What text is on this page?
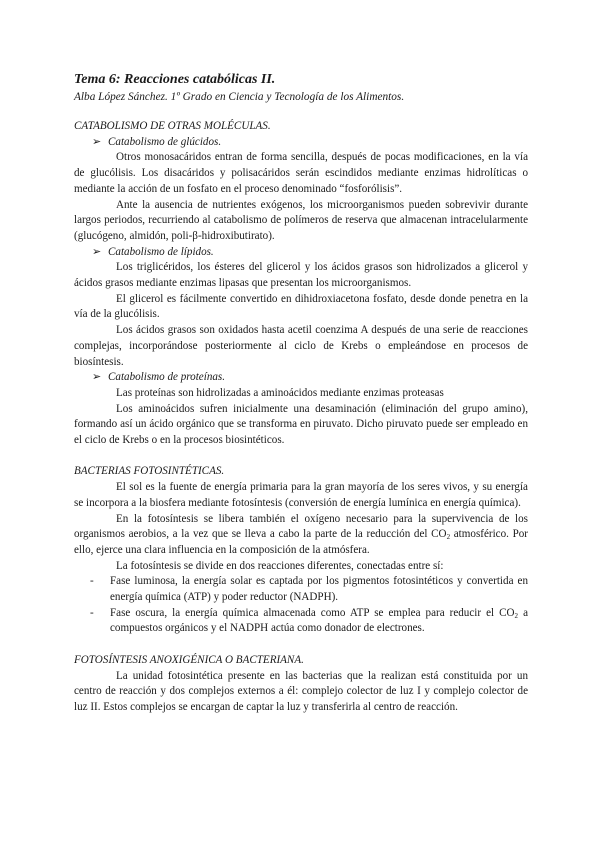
Tema 6: Reacciones catabólicas II.
Alba López Sánchez. 1º Grado en Ciencia y Tecnología de los Alimentos.
CATABOLISMO DE OTRAS MOLÉCULAS.
➢ Catabolismo de glúcidos.

Otros monosacáridos entran de forma sencilla, después de pocas modificaciones, en la vía de glucólisis. Los disacáridos y polisacáridos serán escindidos mediante enzimas hidrolíticas o mediante la acción de un fosfato en el proceso denominado “fosforólisis”.

Ante la ausencia de nutrientes exógenos, los microorganismos pueden sobrevivir durante largos periodos, recurriendo al catabolismo de polímeros de reserva que almacenan intracelularmente (glucógeno, almidón, poli-β-hidroxibutirato).

➢ Catabolismo de lípidos.

Los triglicéridos, los ésteres del glicerol y los ácidos grasos son hidrolizados a glicerol y ácidos grasos mediante enzimas lipasas que presentan los microorganismos.

El glicerol es fácilmente convertido en dihidroxiacetona fosfato, desde donde penetra en la vía de la glucólisis.

Los ácidos grasos son oxidados hasta acetil coenzima A después de una serie de reacciones complejas, incorporándose posteriormente al ciclo de Krebs o empleándose en procesos de biosíntesis.

➢ Catabolismo de proteínas.

Las proteínas son hidrolizadas a aminoácidos mediante enzimas proteasas

Los aminoácidos sufren inicialmente una desaminación (eliminación del grupo amino), formando así un ácido orgánico que se transforma en piruvato. Dicho piruvato puede ser empleado en el ciclo de Krebs o en la procesos biosintéticos.

BACTERIAS FOTOSINTÉTICAS.

El sol es la fuente de energía primaria para la gran mayoría de los seres vivos, y su energía se incorpora a la biosfera mediante fotosíntesis (conversión de energía lumínica en energía química).

En la fotosíntesis se libera también el oxígeno necesario para la supervivencia de los organismos aerobios, a la vez que se lleva a cabo la parte de la reducción del $CO_2$ atmosférico. Por ello, ejerce una clara influencia en la composición de la atmósfera.

La fotosíntesis se divide en dos reacciones diferentes, conectadas entre sí:

- Fase luminosa, la energía solar es captada por los pigmentos fotosintéticos y convertida en energía química (ATP) y poder reductor (NADPH).
- Fase oscura, la energía química almacenada como ATP se emplea para reducir el $CO_2$ a compuestos orgánicos y el NADPH actúa como donador de electrones.
FOTOSÍNTESIS ANOXIGÉNICA O BACTERIANA.

La unidad fotosintética presente en las bacterias que la realizan está constituida por un centro de reacción y dos complejos externos a él: complejo colector de luz I y complejo colector de luz II. Estos complejos se encargan de captar la luz y transferirla al centro de reacción.
